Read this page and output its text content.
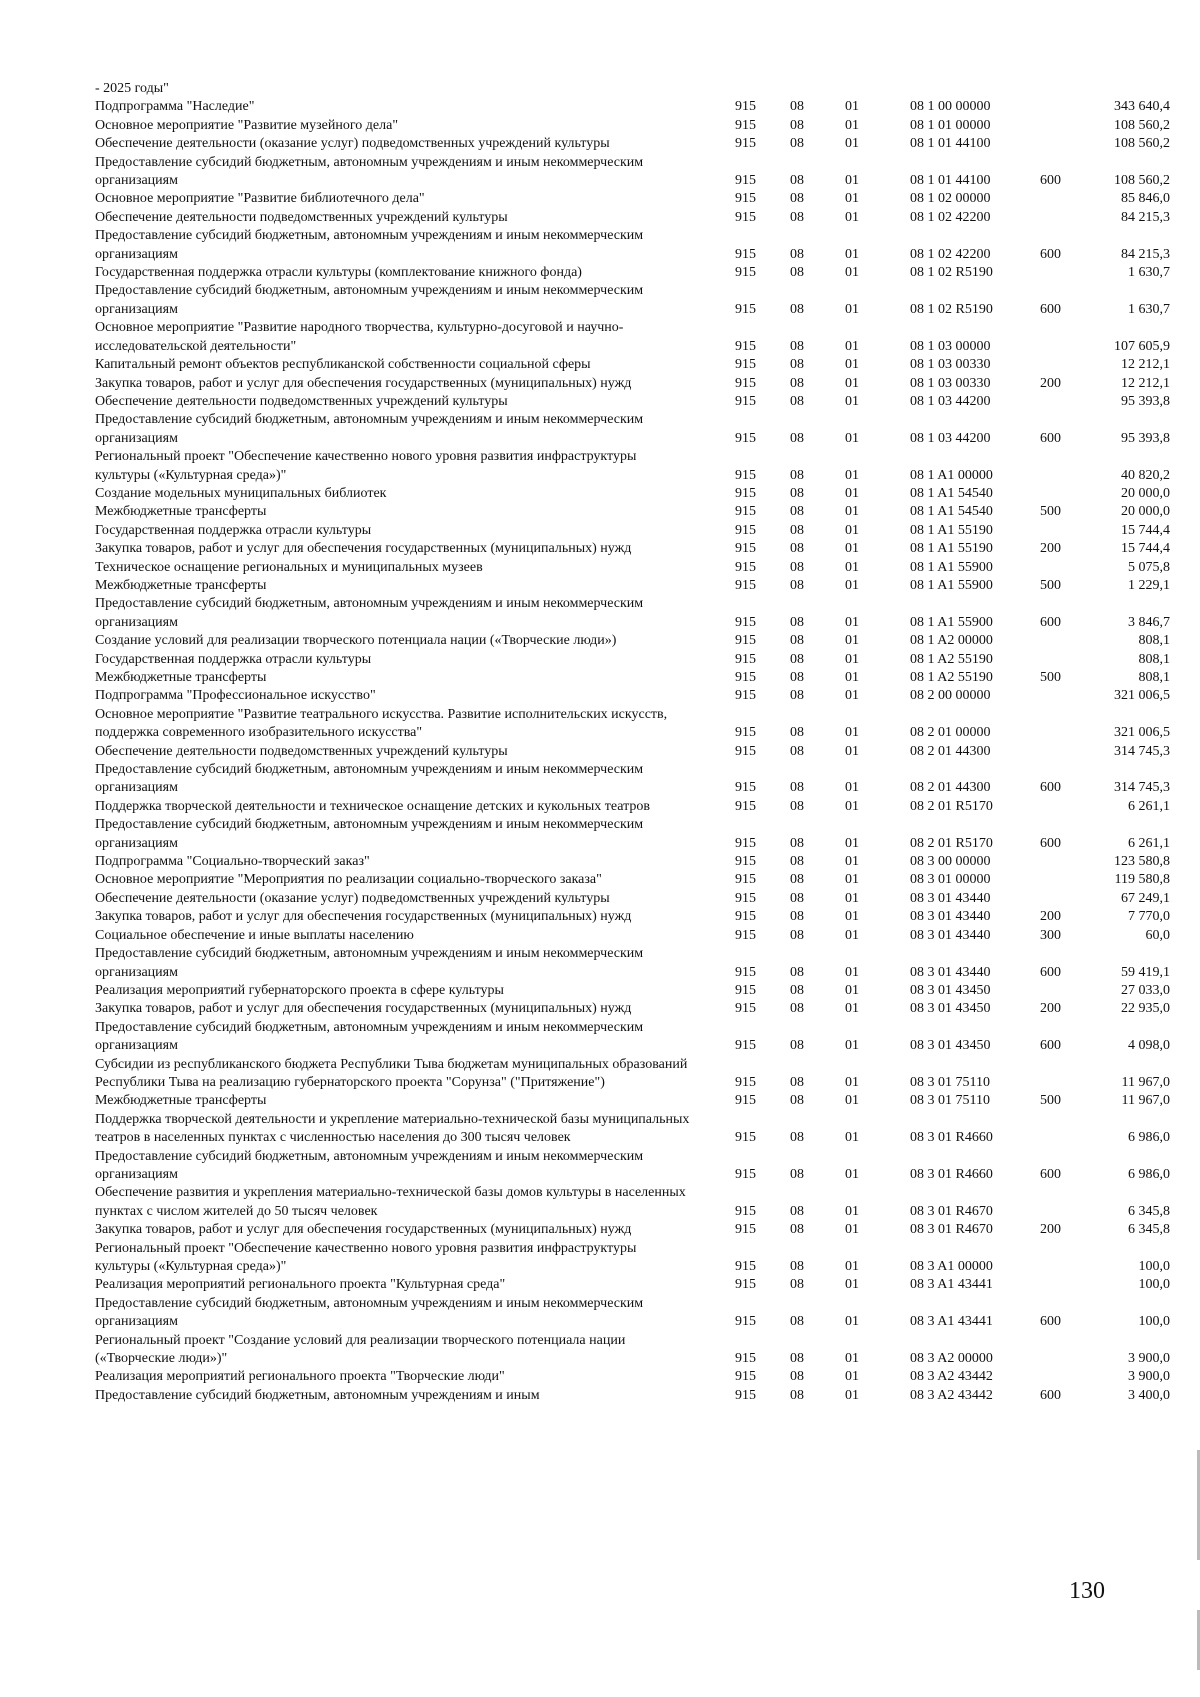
- 2025 годы"
Подпрограмма "Наследие"	915	08	01	08 1 00 00000	343 640,4
Основное мероприятие "Развитие музейного дела"	915	08	01	08 1 01 00000	108 560,2
Обеспечение деятельности (оказание услуг) подведомственных учреждений культуры	915	08	01	08 1 01 44100	108 560,2
Предоставление субсидий бюджетным, автономным учреждениям и иным некоммерческим организациям	915	08	01	08 1 01 44100	600	108 560,2
Основное мероприятие "Развитие библиотечного дела"	915	08	01	08 1 02 00000	85 846,0
Обеспечение деятельности подведомственных учреждений культуры	915	08	01	08 1 02 42200	84 215,3
Предоставление субсидий бюджетным, автономным учреждениям и иным некоммерческим организациям	915	08	01	08 1 02 42200	600	84 215,3
Государственная поддержка отрасли культуры (комплектование книжного фонда)	915	08	01	08 1 02 R5190	1 630,7
Предоставление субсидий бюджетным, автономным учреждениям и иным некоммерческим организациям	915	08	01	08 1 02 R5190	600	1 630,7
Основное мероприятие "Развитие народного творчества, культурно-досуговой и научно-исследовательской деятельности"	915	08	01	08 1 03 00000	107 605,9
Капитальный ремонт объектов республиканской собственности социальной сферы	915	08	01	08 1 03 00330	12 212,1
Закупка товаров, работ и услуг для обеспечения государственных (муниципальных) нужд	915	08	01	08 1 03 00330	200	12 212,1
Обеспечение деятельности подведомственных учреждений культуры	915	08	01	08 1 03 44200	95 393,8
Предоставление субсидий бюджетным, автономным учреждениям и иным некоммерческим организациям	915	08	01	08 1 03 44200	600	95 393,8
Региональный проект "Обеспечение качественно нового уровня развития инфраструктуры культуры («Культурная среда»)"	915	08	01	08 1 A1 00000	40 820,2
Создание модельных муниципальных библиотек	915	08	01	08 1 A1 54540	20 000,0
Межбюджетные трансферты	915	08	01	08 1 A1 54540	500	20 000,0
Государственная поддержка отрасли культуры	915	08	01	08 1 A1 55190	15 744,4
Закупка товаров, работ и услуг для обеспечения государственных (муниципальных) нужд	915	08	01	08 1 A1 55190	200	15 744,4
Техническое оснащение региональных и муниципальных музеев	915	08	01	08 1 A1 55900	5 075,8
Межбюджетные трансферты	915	08	01	08 1 A1 55900	500	1 229,1
Предоставление субсидий бюджетным, автономным учреждениям и иным некоммерческим организациям	915	08	01	08 1 A1 55900	600	3 846,7
Создание условий для реализации творческого потенциала нации («Творческие люди»)	915	08	01	08 1 A2 00000	808,1
Государственная поддержка отрасли культуры	915	08	01	08 1 A2 55190	808,1
Межбюджетные трансферты	915	08	01	08 1 A2 55190	500	808,1
Подпрограмма "Профессиональное искусство"	915	08	01	08 2 00 00000	321 006,5
Основное мероприятие "Развитие театрального искусства. Развитие исполнительских искусств, поддержка современного изобразительного искусства"	915	08	01	08 2 01 00000	321 006,5
Обеспечение деятельности подведомственных учреждений культуры	915	08	01	08 2 01 44300	314 745,3
Предоставление субсидий бюджетным, автономным учреждениям и иным некоммерческим организациям	915	08	01	08 2 01 44300	600	314 745,3
Поддержка творческой деятельности и техническое оснащение детских и кукольных театров	915	08	01	08 2 01 R5170	6 261,1
Предоставление субсидий бюджетным, автономным учреждениям и иным некоммерческим организациям	915	08	01	08 2 01 R5170	600	6 261,1
Подпрограмма "Социально-творческий заказ"	915	08	01	08 3 00 00000	123 580,8
Основное мероприятие "Мероприятия по реализации социально-творческого заказа"	915	08	01	08 3 01 00000	119 580,8
Обеспечение деятельности (оказание услуг) подведомственных учреждений культуры	915	08	01	08 3 01 43440	67 249,1
Закупка товаров, работ и услуг для обеспечения государственных (муниципальных) нужд	915	08	01	08 3 01 43440	200	7 770,0
Социальное обеспечение и иные выплаты населению	915	08	01	08 3 01 43440	300	60,0
Предоставление субсидий бюджетным, автономным учреждениям и иным некоммерческим организациям	915	08	01	08 3 01 43440	600	59 419,1
Реализация мероприятий губернаторского проекта в сфере культуры	915	08	01	08 3 01 43450	27 033,0
Закупка товаров, работ и услуг для обеспечения государственных (муниципальных) нужд	915	08	01	08 3 01 43450	200	22 935,0
Предоставление субсидий бюджетным, автономным учреждениям и иным некоммерческим организациям	915	08	01	08 3 01 43450	600	4 098,0
Субсидии из республиканского бюджета Республики Тыва бюджетам муниципальных образований Республики Тыва на реализацию губернаторского проекта "Сорунза" ("Притяжение")	915	08	01	08 3 01 75110	11 967,0
Межбюджетные трансферты	915	08	01	08 3 01 75110	500	11 967,0
Поддержка творческой деятельности и укрепление материально-технической базы муниципальных театров в населенных пунктах с численностью населения до 300 тысяч человек	915	08	01	08 3 01 R4660	6 986,0
Предоставление субсидий бюджетным, автономным учреждениям и иным некоммерческим организациям	915	08	01	08 3 01 R4660	600	6 986,0
Обеспечение развития и укрепления материально-технической базы домов культуры в населенных пунктах с числом жителей до 50 тысяч человек	915	08	01	08 3 01 R4670	6 345,8
Закупка товаров, работ и услуг для обеспечения государственных (муниципальных) нужд	915	08	01	08 3 01 R4670	200	6 345,8
Региональный проект "Обеспечение качественно нового уровня развития инфраструктуры культуры («Культурная среда»)"	915	08	01	08 3 A1 00000	100,0
Реализация мероприятий регионального проекта "Культурная среда"	915	08	01	08 3 A1 43441	100,0
Предоставление субсидий бюджетным, автономным учреждениям и иным некоммерческим организациям	915	08	01	08 3 A1 43441	600	100,0
Региональный проект "Создание условий для реализации творческого потенциала нации («Творческие люди»)"	915	08	01	08 3 A2 00000	3 900,0
Реализация мероприятий регионального проекта "Творческие люди"	915	08	01	08 3 A2 43442	3 900,0
Предоставление субсидий бюджетным, автономным учреждениям и иным	915	08	01	08 3 A2 43442	600	3 400,0
130
